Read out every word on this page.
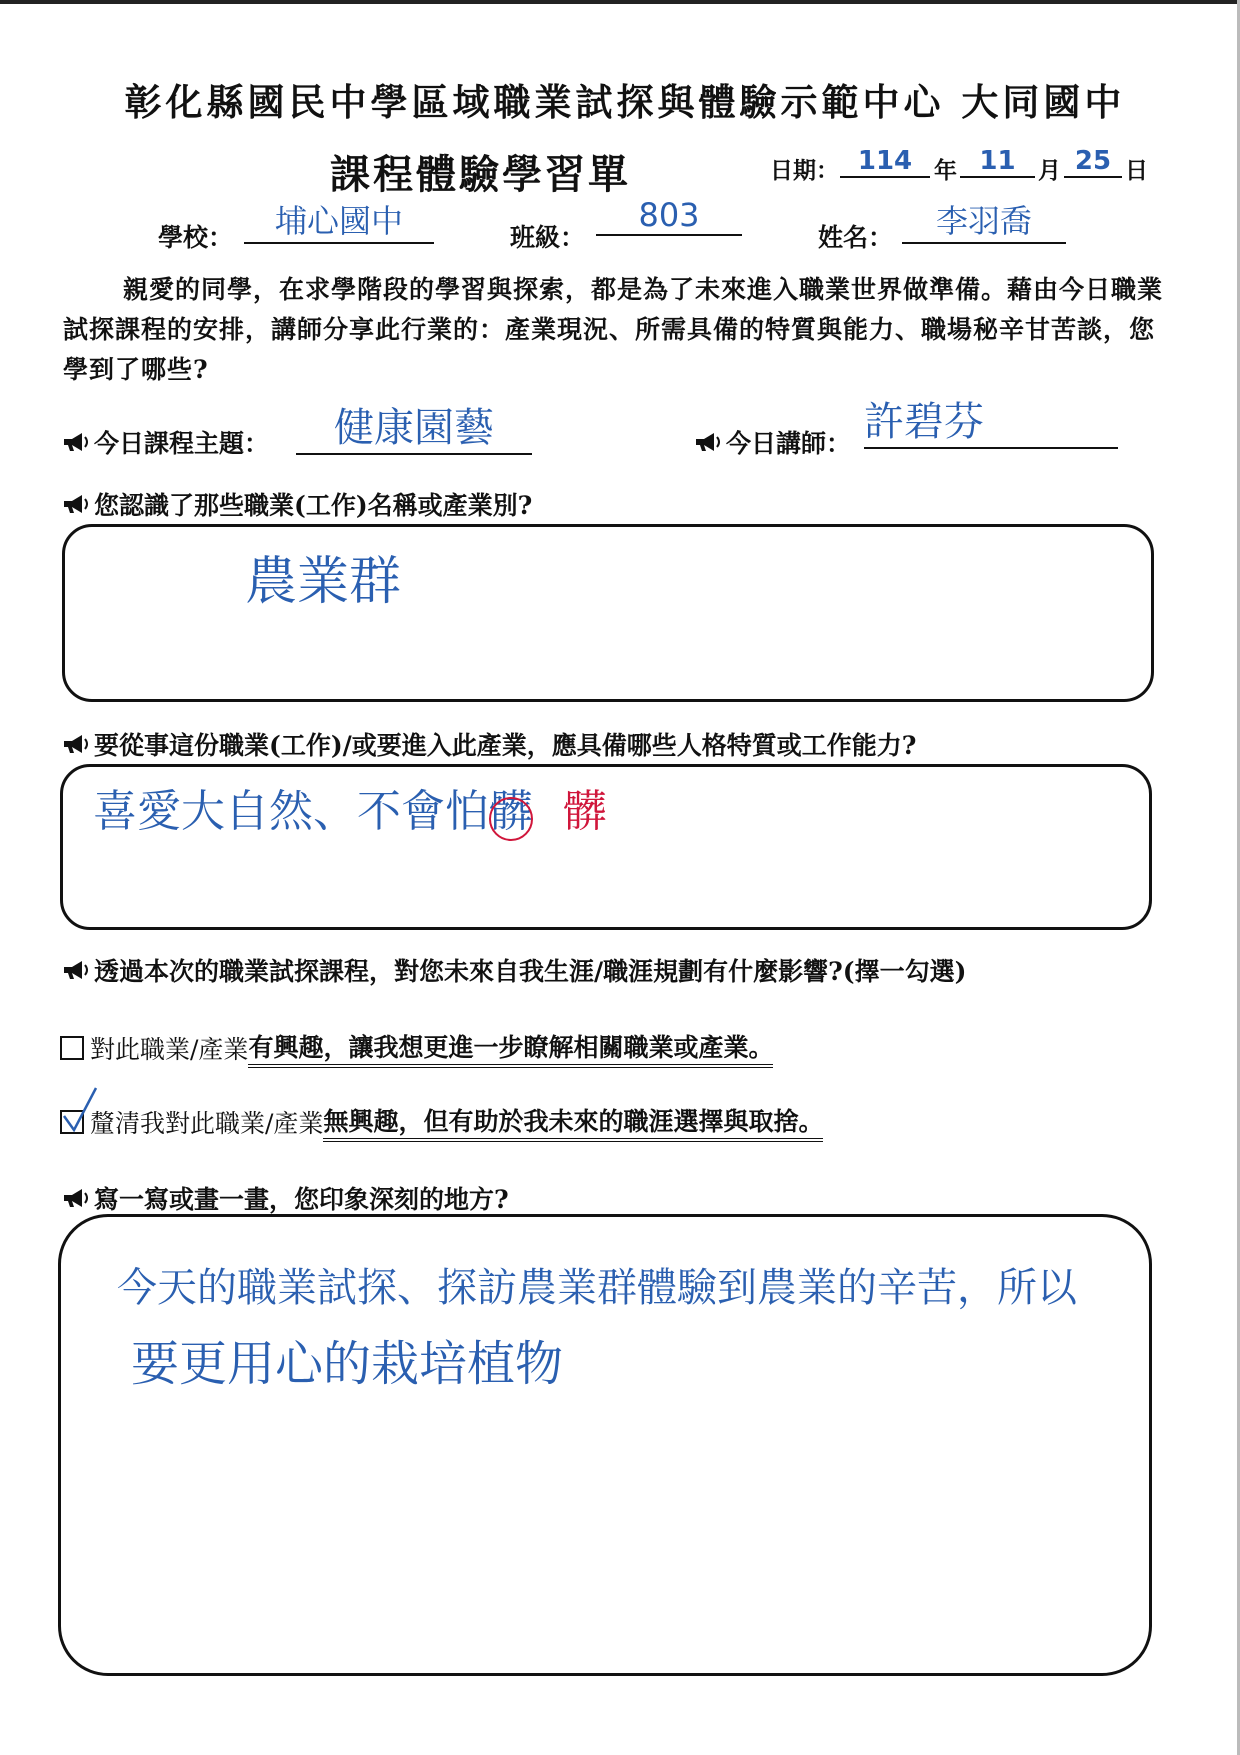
彰化縣國民中學區域職業試探與體驗示範中心 大同國中
課程體驗學習單	日期： 114 年 11 月 25 日
學校：	埔心國中	班級：
803
姓名：	李羽喬
親愛的同學，在求學階段的學習與探索，都是為了未來進入職業世界做準備。藉由今日職業試探課程的安排，講師分享此行業的：產業現況、所需具備的特質與能力、職場秘辛甘苦談，您學到了哪些?
今日課程主題：	健康園藝	今日講師： 許碧芬
您認識了那些職業(工作)名稱或產業別?
農業群
要從事這份職業(工作)/或要進入此產業，應具備哪些人格特質或工作能力?
喜愛大自然、不會怕髒 髒
透過本次的職業試探課程，對您未來自我生涯/職涯規劃有什麼影響?(擇一勾選)
對此職業/產業 有興趣，讓我想更進一步瞭解相關職業或產業 。
釐清我對此職業/產業 無興趣，但有助於我未來的職涯選擇與取捨 。
寫一寫或畫一畫，您印象深刻的地方?
今天的職業試探、探訪農業群體驗到農業的辛苦，所以
要更用心的栽培植物
